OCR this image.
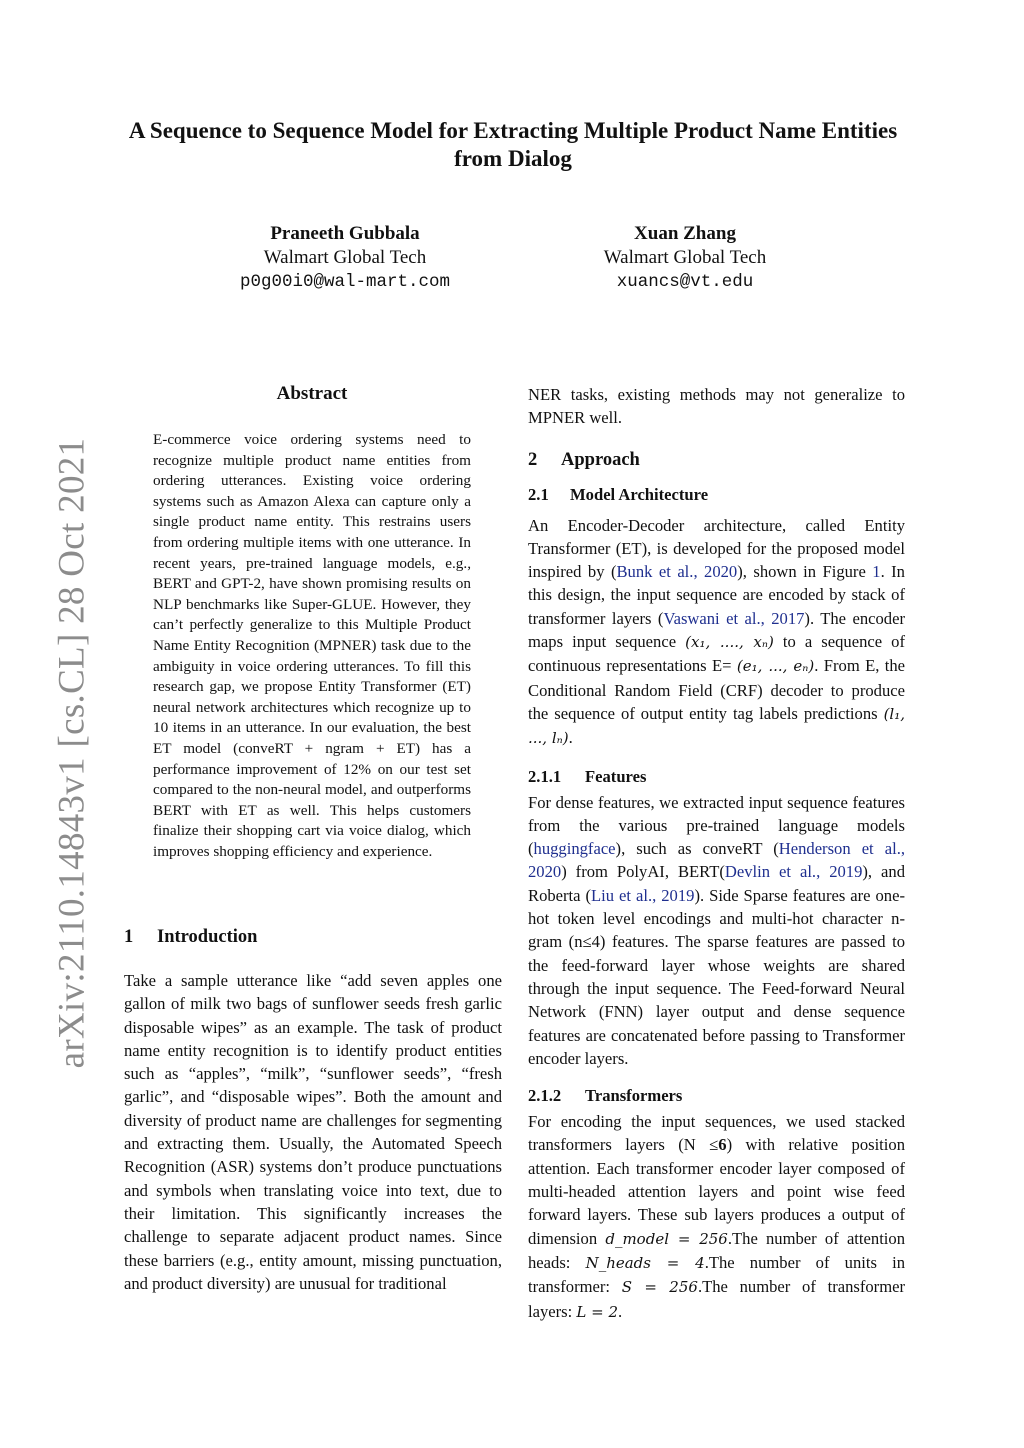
arXiv:2110.14843v1 [cs.CL] 28 Oct 2021
A Sequence to Sequence Model for Extracting Multiple Product Name Entities from Dialog
Praneeth Gubbala
Walmart Global Tech
p0g00i0@wal-mart.com
Xuan Zhang
Walmart Global Tech
xuancs@vt.edu
Abstract
E-commerce voice ordering systems need to recognize multiple product name entities from ordering utterances. Existing voice ordering systems such as Amazon Alexa can capture only a single product name entity. This restrains users from ordering multiple items with one utterance. In recent years, pre-trained language models, e.g., BERT and GPT-2, have shown promising results on NLP benchmarks like Super-GLUE. However, they can’t perfectly generalize to this Multiple Product Name Entity Recognition (MPNER) task due to the ambiguity in voice ordering utterances. To fill this research gap, we propose Entity Transformer (ET) neural network architectures which recognize up to 10 items in an utterance. In our evaluation, the best ET model (conveRT + ngram + ET) has a performance improvement of 12% on our test set compared to the non-neural model, and outperforms BERT with ET as well. This helps customers finalize their shopping cart via voice dialog, which improves shopping efficiency and experience.
1 Introduction

Take a sample utterance like “add seven apples one gallon of milk two bags of sunflower seeds fresh garlic disposable wipes” as an example. The task of product name entity recognition is to identify product entities such as “apples”, “milk”, “sunflower seeds”, “fresh garlic”, and “disposable wipes”. Both the amount and diversity of product name are challenges for segmenting and extracting them. Usually, the Automated Speech Recognition (ASR) systems don’t produce punctuations and symbols when translating voice into text, due to their limitation. This significantly increases the challenge to separate adjacent product names. Since these barriers (e.g., entity amount, missing punctuation, and product diversity) are unusual for traditional

NER tasks, existing methods may not generalize to MPNER well.

2 Approach
2.1 Model Architecture

An Encoder-Decoder architecture, called Entity Transformer (ET), is developed for the proposed model inspired by (Bunk et al., 2020), shown in Figure 1. In this design, the input sequence are encoded by stack of transformer layers (Vaswani et al., 2017). The encoder maps input sequence (x₁, ...., xₙ) to a sequence of continuous representations E= (e₁, ..., eₙ). From E, the Conditional Random Field (CRF) decoder to produce the sequence of output entity tag labels predictions (l₁, ..., lₙ).

2.1.1 Features

For dense features, we extracted input sequence features from the various pre-trained language models (huggingface), such as conveRT (Henderson et al., 2020) from PolyAI, BERT(Devlin et al., 2019), and Roberta (Liu et al., 2019). Side Sparse features are one-hot token level encodings and multi-hot character n-gram (n≤4) features. The sparse features are passed to the feed-forward layer whose weights are shared through the input sequence. The Feed-forward Neural Network (FNN) layer output and dense sequence features are concatenated before passing to Transformer encoder layers.

2.1.2 Transformers

For encoding the input sequences, we used stacked transformers layers (N ≤6) with relative position attention. Each transformer encoder layer composed of multi-headed attention layers and point wise feed forward layers. These sub layers produces a output of dimension d_model = 256.The number of attention heads: N_heads = 4.The number of units in transformer: S = 256.The number of transformer layers: L = 2.
